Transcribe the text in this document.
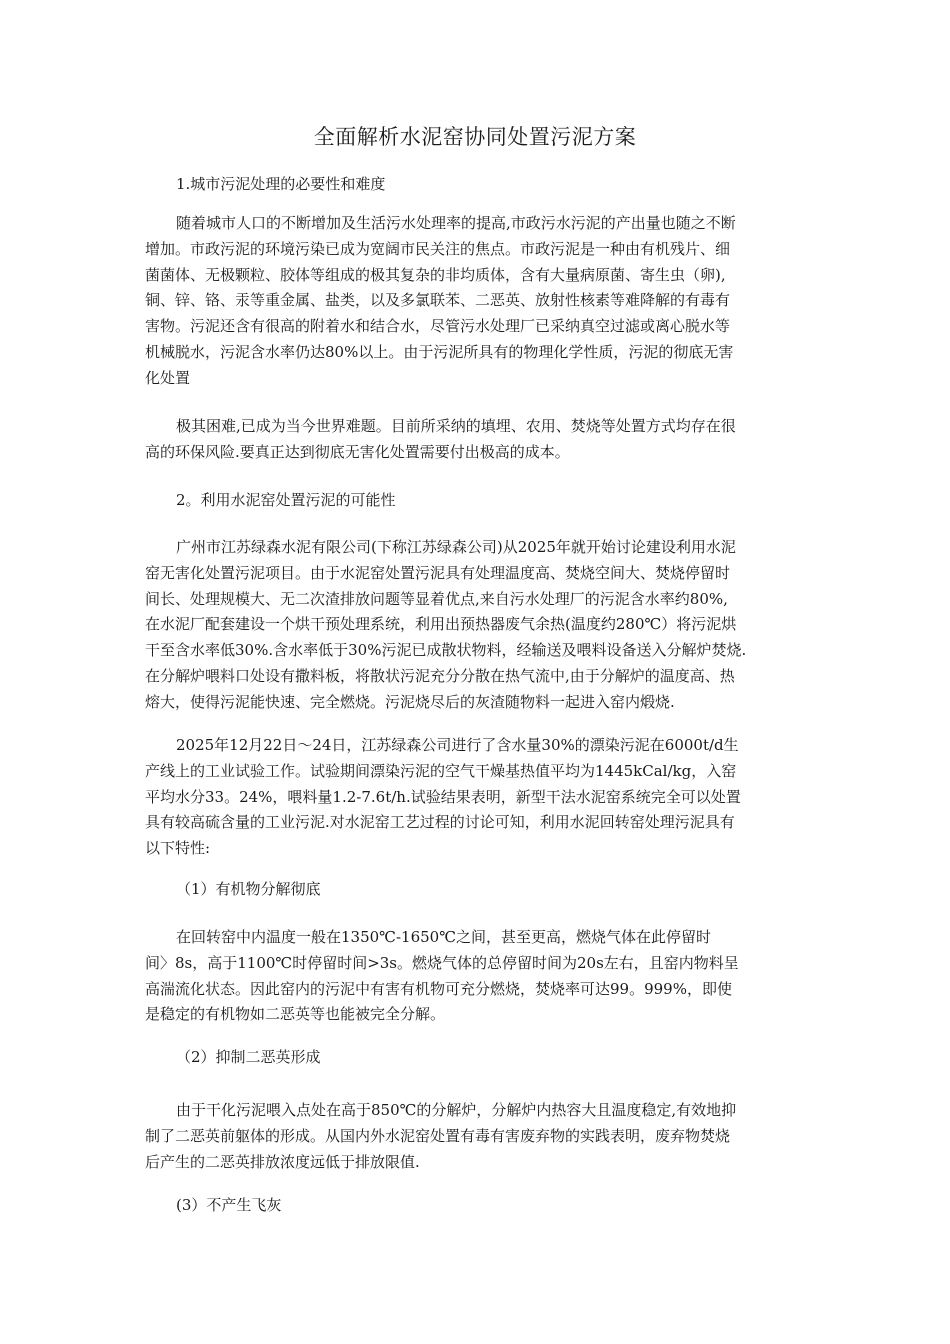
全面解析水泥窑协同处置污泥方案

1.城市污泥处理的必要性和难度

随着城市人口的不断增加及生活污水处理率的提高,市政污水污泥的产出量也随之不断
增加。市政污泥的环境污染已成为宽阔市民关注的焦点。市政污泥是一种由有机残片、细
菌菌体、无极颗粒、胶体等组成的极其复杂的非均质体，含有大量病原菌、寄生虫（卵),
铜、锌、铬、汞等重金属、盐类，以及多氯联苯、二恶英、放射性核素等难降解的有毒有
害物。污泥还含有很高的附着水和结合水，尽管污水处理厂已采纳真空过滤或离心脱水等
机械脱水，污泥含水率仍达80%以上。由于污泥所具有的物理化学性质，污泥的彻底无害
化处置

极其困难,已成为当今世界难题。目前所采纳的填埋、农用、焚烧等处置方式均存在很
高的环保风险.要真正达到彻底无害化处置需要付出极高的成本。

2。利用水泥窑处置污泥的可能性

广州市江苏绿森水泥有限公司(下称江苏绿森公司)从2025年就开始讨论建设利用水泥
窑无害化处置污泥项目。由于水泥窑处置污泥具有处理温度高、焚烧空间大、焚烧停留时
间长、处理规模大、无二次渣排放问题等显着优点,来自污水处理厂的污泥含水率约80%,
在水泥厂配套建设一个烘干预处理系统，利用出预热器废气余热(温度约280℃）将污泥烘
干至含水率低30%.含水率低于30%污泥已成散状物料，经输送及喂料设备送入分解炉焚烧.
在分解炉喂料口处设有撒料板，将散状污泥充分分散在热气流中,由于分解炉的温度高、热
熔大，使得污泥能快速、完全燃烧。污泥烧尽后的灰渣随物料一起进入窑内煅烧.

2025年12月22日～24日，江苏绿森公司进行了含水量30%的漂染污泥在6000t/d生
产线上的工业试验工作。试验期间漂染污泥的空气干燥基热值平均为1445kCal/kg，入窑
平均水分33。24%，喂料量1.2-7.6t/h.试验结果表明，新型干法水泥窑系统完全可以处置
具有较高硫含量的工业污泥.对水泥窑工艺过程的讨论可知，利用水泥回转窑处理污泥具有
以下特性:

（1）有机物分解彻底

在回转窑中内温度一般在1350℃-1650℃之间，甚至更高，燃烧气体在此停留时
间〉8s，高于1100℃时停留时间>3s。燃烧气体的总停留时间为20s左右，且窑内物料呈
高湍流化状态。因此窑内的污泥中有害有机物可充分燃烧，焚烧率可达99。999%，即使
是稳定的有机物如二恶英等也能被完全分解。

（2）抑制二恶英形成

由于干化污泥喂入点处在高于850℃的分解炉，分解炉内热容大且温度稳定,有效地抑
制了二恶英前躯体的形成。从国内外水泥窑处置有毒有害废弃物的实践表明，废弃物焚烧
后产生的二恶英排放浓度远低于排放限值.

(3）不产生飞灰
